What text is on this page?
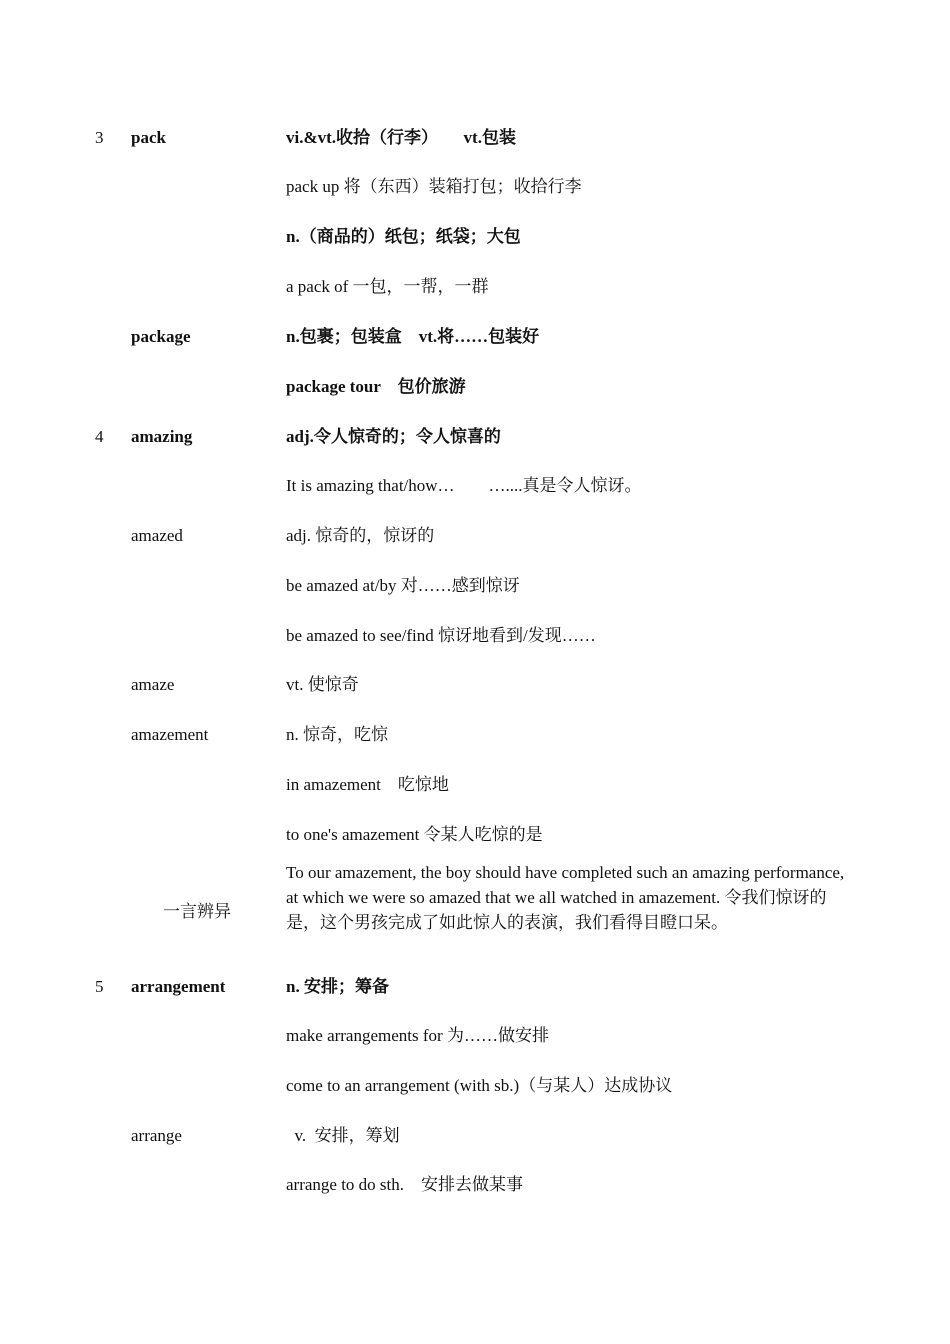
3 pack	vi.&vt.收拾（行李）　　vt.包装
pack up 将（东西）装箱打包；收拾行李
n.（商品的）纸包；纸袋；大包
a pack of 一包，一帮，一群
package	n.包裹；包装盒　vt.将……包装好
package tour　包价旅游
4 amazing	adj.令人惊奇的；令人惊喜的
It is amazing that/how…　　…....真是令人惊讶。
amazed	adj. 惊奇的，惊讶的
be amazed at/by 对……感到惊讶
be amazed to see/find 惊讶地看到/发现……
amaze	vt. 使惊奇
amazement	n. 惊奇，吃惊
in amazement　吃惊地
to one's amazement 令某人吃惊的是
一言辨异
To our amazement, the boy should have completed such an amazing performance, at which we were so amazed that we all watched in amazement. 令我们惊讶的是，这个男孩完成了如此惊人的表演，我们看得目瞪口呆。
5 arrangement	n. 安排；筹备
make arrangements for 为……做安排
come to an arrangement (with sb.)（与某人）达成协议
arrange	v.  安排，筹划
arrange to do sth.　安排去做某事
